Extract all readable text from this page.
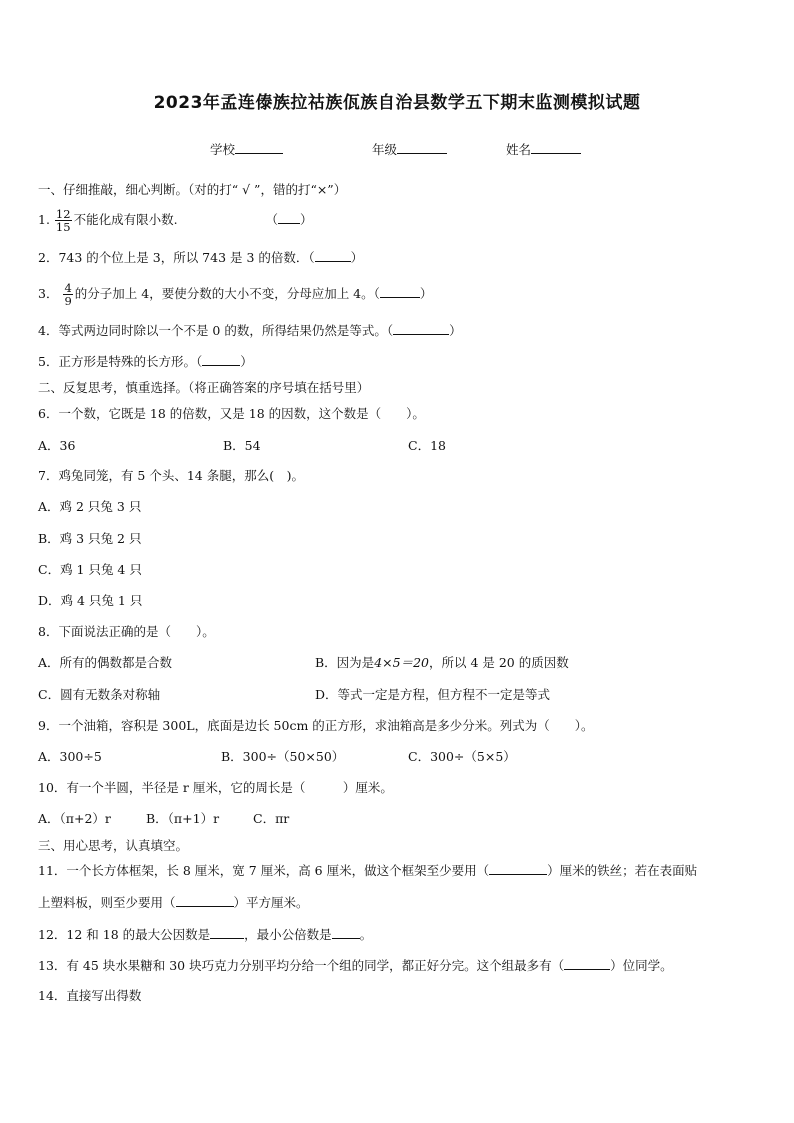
2023年孟连傣族拉祜族佤族自治县数学五下期末监测模拟试题
学校	年级	姓名
一、仔细推敲，细心判断。（对的打“ √ ”，错的打“×”）
1. $\frac{12}{15}$ 不能化成有限小数.	（ ）
2．743 的个位上是 3，所以 743 是 3 的倍数．（	）
3． $\frac{4}{9}$ 的分子加上 4，要使分数的大小不变，分母应加上 4。（	）
4．等式两边同时除以一个不是 0 的数，所得结果仍然是等式。（	）
5．正方形是特殊的长方形。（	）
二、反复思考，慎重选择。（将正确答案的序号填在括号里）
6．一个数，它既是 18 的倍数，又是 18 的因数，这个数是（　　）。
A．36	B．54	C．18
7．鸡兔同笼，有 5 个头、14 条腿，那么(　)。
A．鸡 2 只兔 3 只
B．鸡 3 只兔 2 只
C．鸡 1 只兔 4 只
D．鸡 4 只兔 1 只
8．下面说法正确的是（　　）。
A．所有的偶数都是合数	B．因为是4×5＝20，所以 4 是 20 的质因数
C．圆有无数条对称轴	D．等式一定是方程，但方程不一定是等式
9．一个油箱，容积是 300L，底面是边长 50cm 的正方形，求油箱高是多少分米。列式为（　　）。
A．300÷5	B．300÷（50×50）	C．300÷（5×5）
10．有一个半圆，半径是 r 厘米，它的周长是（　　　）厘米。
A．（π+2）r	B．（π+1）r	C．πr
三、用心思考，认真填空。
11．一个长方体框架，长 8 厘米，宽 7 厘米，高 6 厘米，做这个框架至少要用（	）厘米的铁丝；若在表面贴
上塑料板，则至少要用（	）平方厘米。
12．12 和 18 的最大公因数是	，最小公倍数是 。
13．有 45 块水果糖和 30 块巧克力分别平均分给一个组的同学，都正好分完。这个组最多有（	）位同学。
14．直接写出得数
